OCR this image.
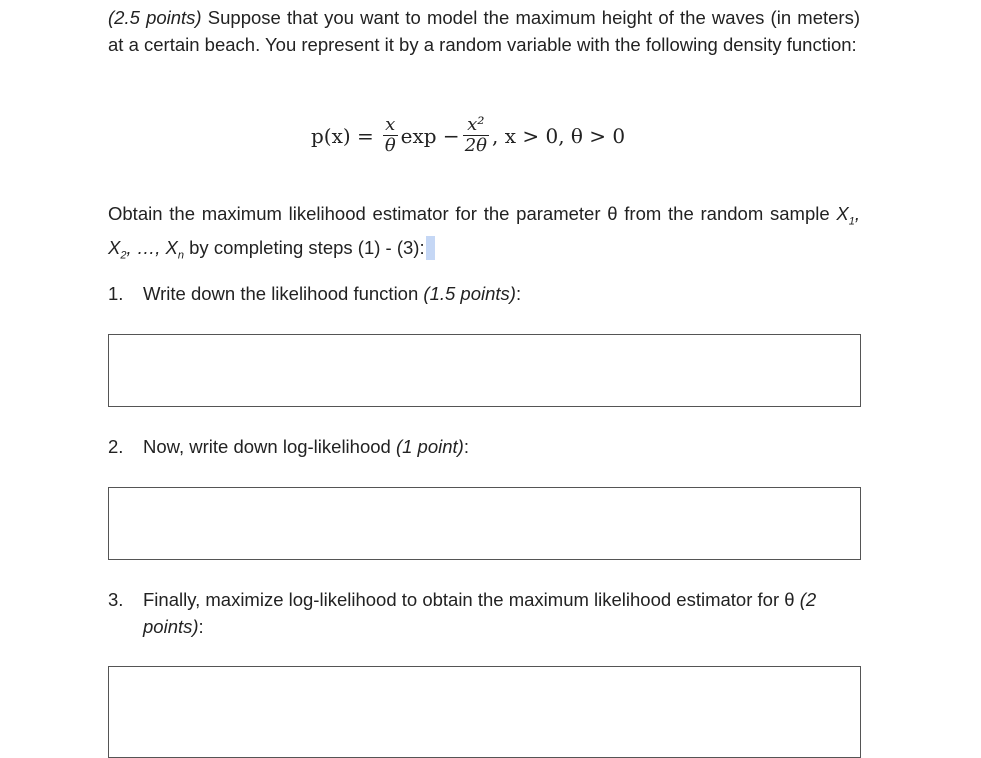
(2.5 points) Suppose that you want to model the maximum height of the waves (in meters) at a certain beach. You represent it by a random variable with the following density function:

$p(x) = \frac{x}{\theta}$ $\exp - \frac{\text{x²}}{2\theta}$ , x > 0, θ > 0

Obtain the maximum likelihood estimator for the parameter θ from the random sample $X_1$, $X_2$, …, $X_n$ by completing steps (1) - (3):

1.	Write down the likelihood function (1.5 points):
2.	Now, write down log-likelihood (1 point):
3.	Finally, maximize log-likelihood to obtain the maximum likelihood estimator for θ (2 points):
